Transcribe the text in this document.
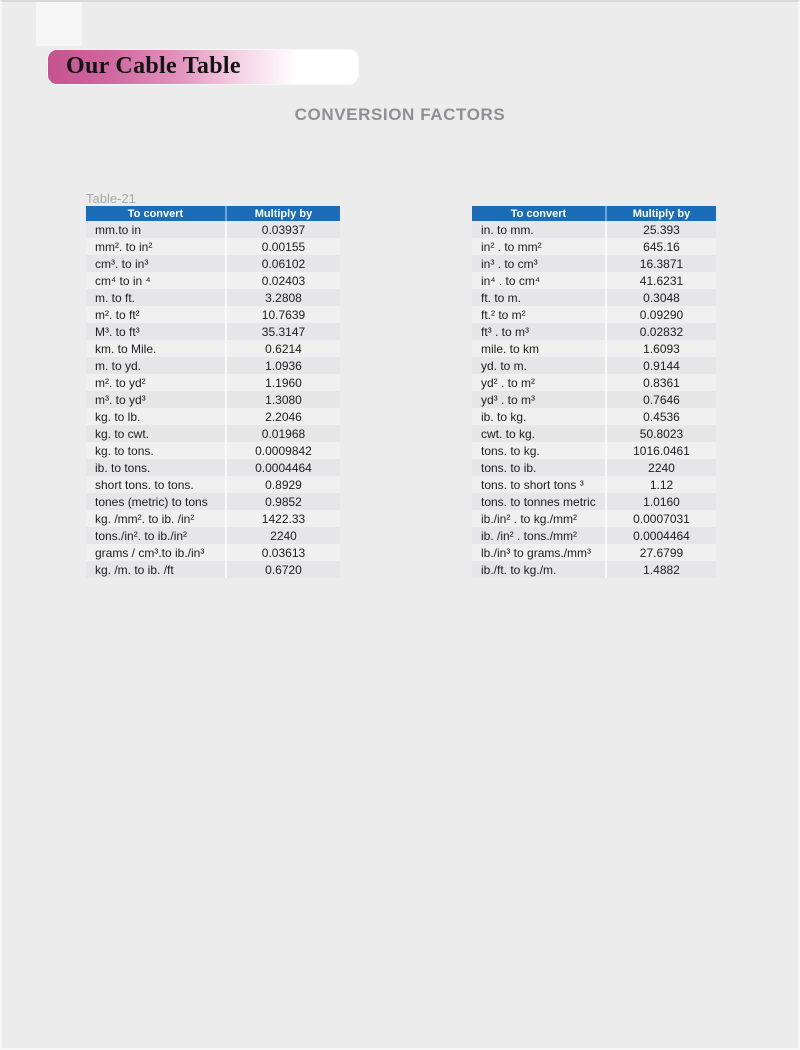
Our Cable Table
CONVERSION FACTORS
Table-21
To convert	Multiply by
mm.to in	0.03937
mm². to in²	0.00155
cm³. to in³	0.06102
cm⁴ to in ⁴	0.02403
m. to ft.	3.2808
m². to ft²	10.7639
M³. to ft³	35.3147
km. to Mile.	0.6214
m. to yd.	1.0936
m². to yd²	1.1960
m³. to yd³	1.3080
kg. to lb.	2.2046
kg. to cwt.	0.01968
kg. to tons.	0.0009842
ib. to tons.	0.0004464
short tons. to tons.	0.8929
tones (metric) to tons	0.9852
kg. /mm². to ib. /in²	1422.33
tons./in². to ib./in²	2240
grams / cm³.to ib./in³	0.03613
kg. /m. to ib. /ft	0.6720
To convert	Multiply by
in. to mm.	25.393
in² . to mm²	645.16
in³ . to cm³	16.3871
in⁴ . to cm⁴	41.6231
ft. to m.	0.3048
ft.² to m²	0.09290
ft³ . to m³	0.02832
mile. to km	1.6093
yd. to m.	0.9144
yd² . to m²	0.8361
yd³ . to m³	0.7646
ib. to kg.	0.4536
cwt. to kg.	50.8023
tons. to kg.	1016.0461
tons. to ib.	2240
tons. to short tons ³	1.12
tons. to tonnes metric	1.0160
ib./in² . to kg./mm²	0.0007031
ib. /in² . tons./mm²	0.0004464
lb./in³ to grams./mm³	27.6799
ib./ft. to kg./m.	1.4882
